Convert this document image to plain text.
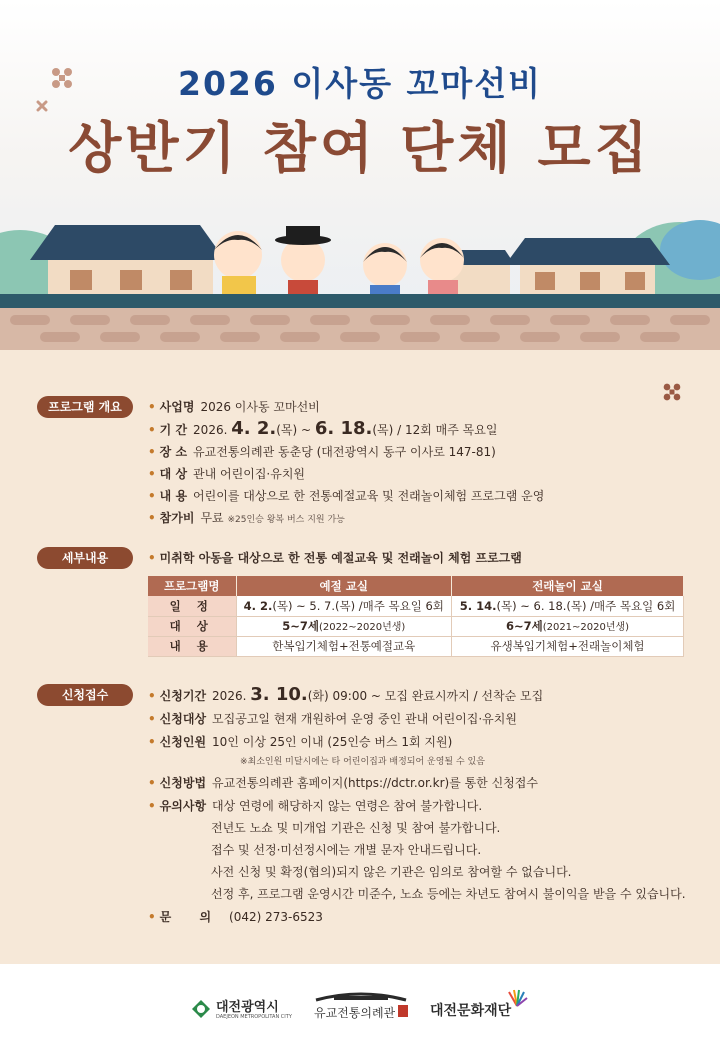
2026 이사동 꼬마선비
상반기 참여 단체 모집
프로그램 개요	• 사업명 2026 이사동 꼬마선비
• 기 간 2026. 4. 2.(목) ~ 6. 18.(목) / 12회 매주 목요일
• 장 소 유교전통의례관 동춘당 (대전광역시 동구 이사로 147-81)
• 대 상 관내 어린이집·유치원
• 내 용 어린이를 대상으로 한 전통예절교육 및 전래놀이체험 프로그램 운영
• 참가비 무료 ※25인승 왕복 버스 지원 가능
세부내용	• 미취학 아동을 대상으로 한 전통 예절교육 및 전래놀이 체험 프로그램
프로그램명	예절 교실	전래놀이 교실
일 정	4. 2.(목) ~ 5. 7.(목) /매주 목요일 6회	5. 14.(목) ~ 6. 18.(목) /매주 목요일 6회
대 상	5~7세(2022~2020년생)	6~7세(2021~2020년생)
내 용	한복입기체험+전통예절교육	유생복입기체험+전래놀이체험
신청접수	• 신청기간 2026. 3. 10.(화) 09:00 ~ 모집 완료시까지 / 선착순 모집
• 신청대상 모집공고일 현재 개원하여 운영 중인 관내 어린이집·유치원
• 신청인원 10인 이상 25인 이내 (25인승 버스 1회 지원)
※최소인원 미달시에는 타 어린이집과 배정되어 운영될 수 있음
• 신청방법 유교전통의례관 홈페이지(https://dctr.or.kr)를 통한 신청접수
• 유의사항 대상 연령에 해당하지 않는 연령은 참여 불가합니다.
전년도 노쇼 및 미개업 기관은 신청 및 참여 불가합니다.
접수 및 선정·미선정시에는 개별 문자 안내드립니다.
사전 신청 및 확정(협의)되지 않은 기관은 임의로 참여할 수 없습니다.
선정 후, 프로그램 운영시간 미준수, 노쇼 등에는 차년도 참여시 불이익을 받을 수 있습니다.
• 문 의 (042) 273-6523
대전광역시
DAEJEON METROPOLITAN CITY 유교전통의례관 대전문화재단
